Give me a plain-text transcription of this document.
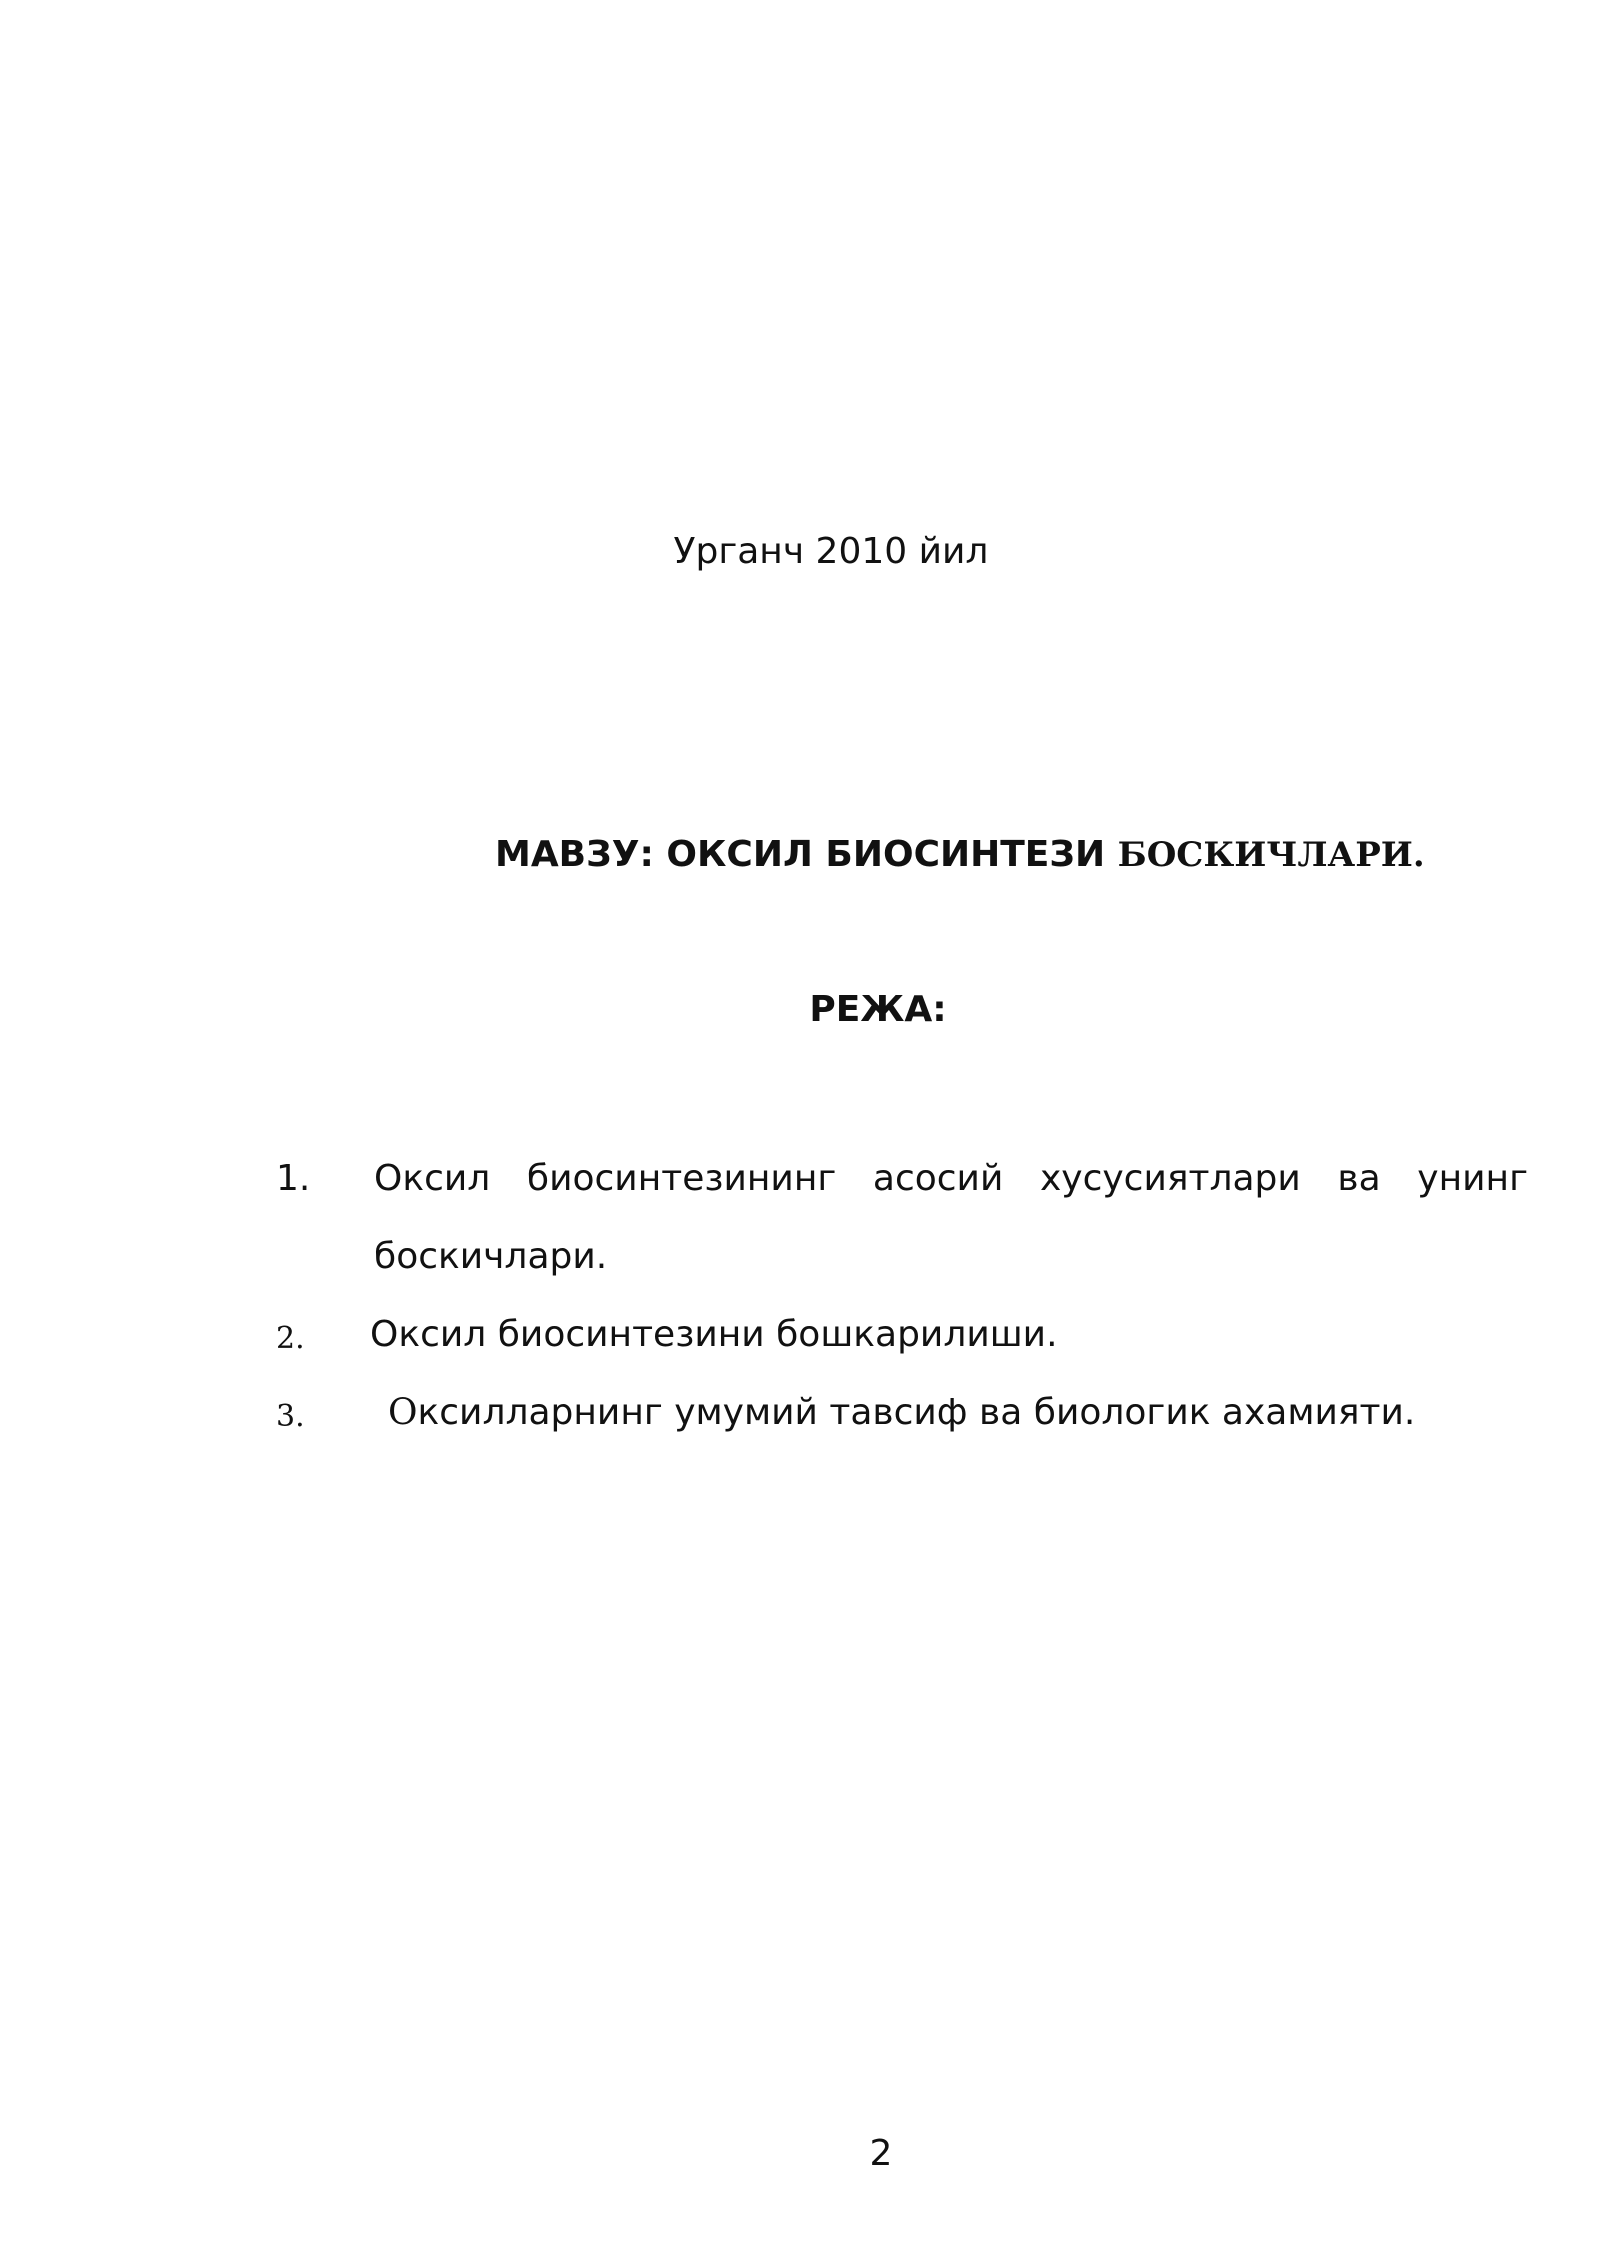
Урганч 2010 йил
МАВЗУ: ОКСИЛ БИОСИНТЕЗИ БОСКИЧЛАРИ.
РЕЖА:
1. Оксил биосинтезининг асосий хусусиятлари ва унинг боскичлари.
2. Оксил биосинтезини бошкарилиши.
3. Оксилларнинг умумий тавсиф ва биологик ахамияти.
2
